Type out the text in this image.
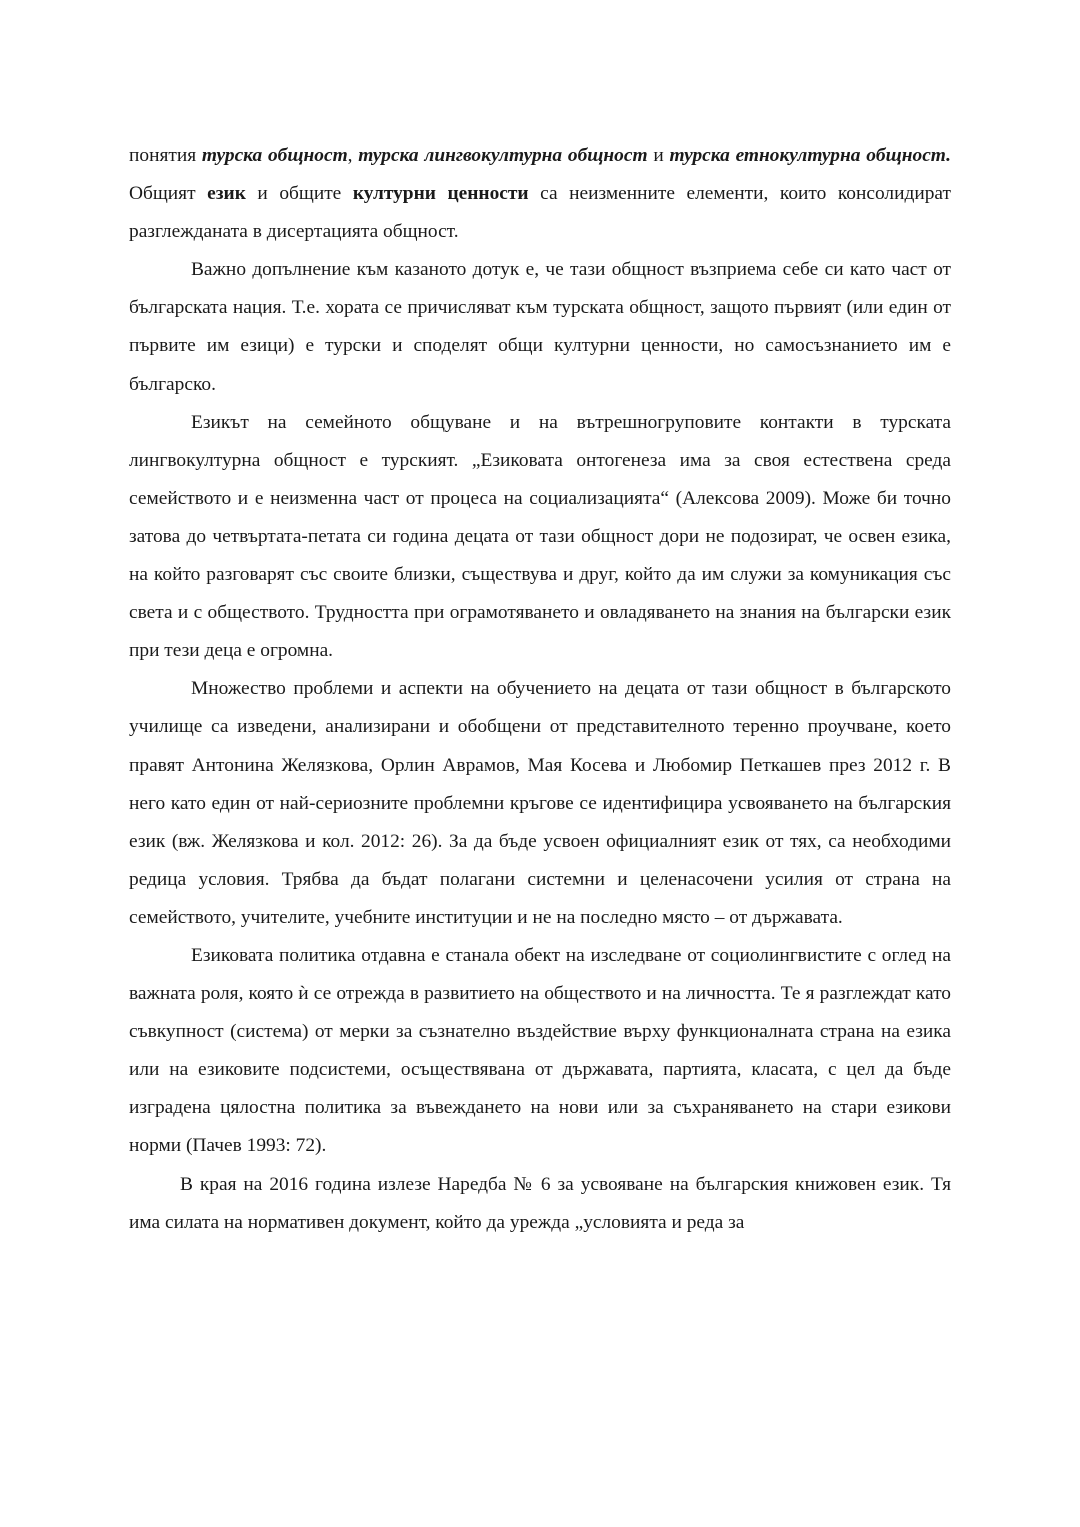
понятия турска общност, турска лингвокултурна общност и турска етнокултурна общност. Общият език и общите културни ценности са неизменните елементи, които консолидират разглежданата в дисертацията общност.

Важно допълнение към казаното дотук е, че тази общност възприема себе си като част от българската нация. Т.е. хората се причисляват към турската общност, защото първият (или един от първите им езици) е турски и споделят общи културни ценности, но самосъзнанието им е българско.

Езикът на семейното общуване и на вътрешногруповите контакти в турската лингвокултурна общност е турският. „Езиковата онтогенеза има за своя естествена среда семейството и е неизменна част от процеса на социализацията“ (Алексова 2009). Може би точно затова до четвъртата-петата си година децата от тази общност дори не подозират, че освен езика, на който разговарят със своите близки, съществува и друг, който да им служи за комуникация със света и с обществото. Трудността при ограмотяването и овладяването на знания на български език при тези деца е огромна.

Множество проблеми и аспекти на обучението на децата от тази общност в българското училище са изведени, анализирани и обобщени от представителното теренно проучване, което правят Антонина Желязкова, Орлин Аврамов, Мая Косева и Любомир Петкашев през 2012 г. В него като един от най-сериозните проблемни кръгове се идентифицира усвояването на българския език (вж. Желязкова и кол. 2012: 26). За да бъде усвоен официалният език от тях, са необходими редица условия. Трябва да бъдат полагани системни и целенасочени усилия от страна на семейството, учителите, учебните институции и не на последно място – от държавата.

Езиковата политика отдавна е станала обект на изследване от социолингвистите с оглед на важната роля, която ѝ се отрежда в развитието на обществото и на личността. Те я разглеждат като съвкупност (система) от мерки за съзнателно въздействие върху функционалната страна на езика или на езиковите подсистеми, осъществявана от държавата, партията, класата, с цел да бъде изградена цялостна политика за въвеждането на нови или за съхраняването на стари езикови норми (Пачев 1993: 72).

В края на 2016 година излезе Наредба № 6 за усвояване на българския книжовен език. Тя има силата на нормативен документ, който да урежда „условията и реда за
